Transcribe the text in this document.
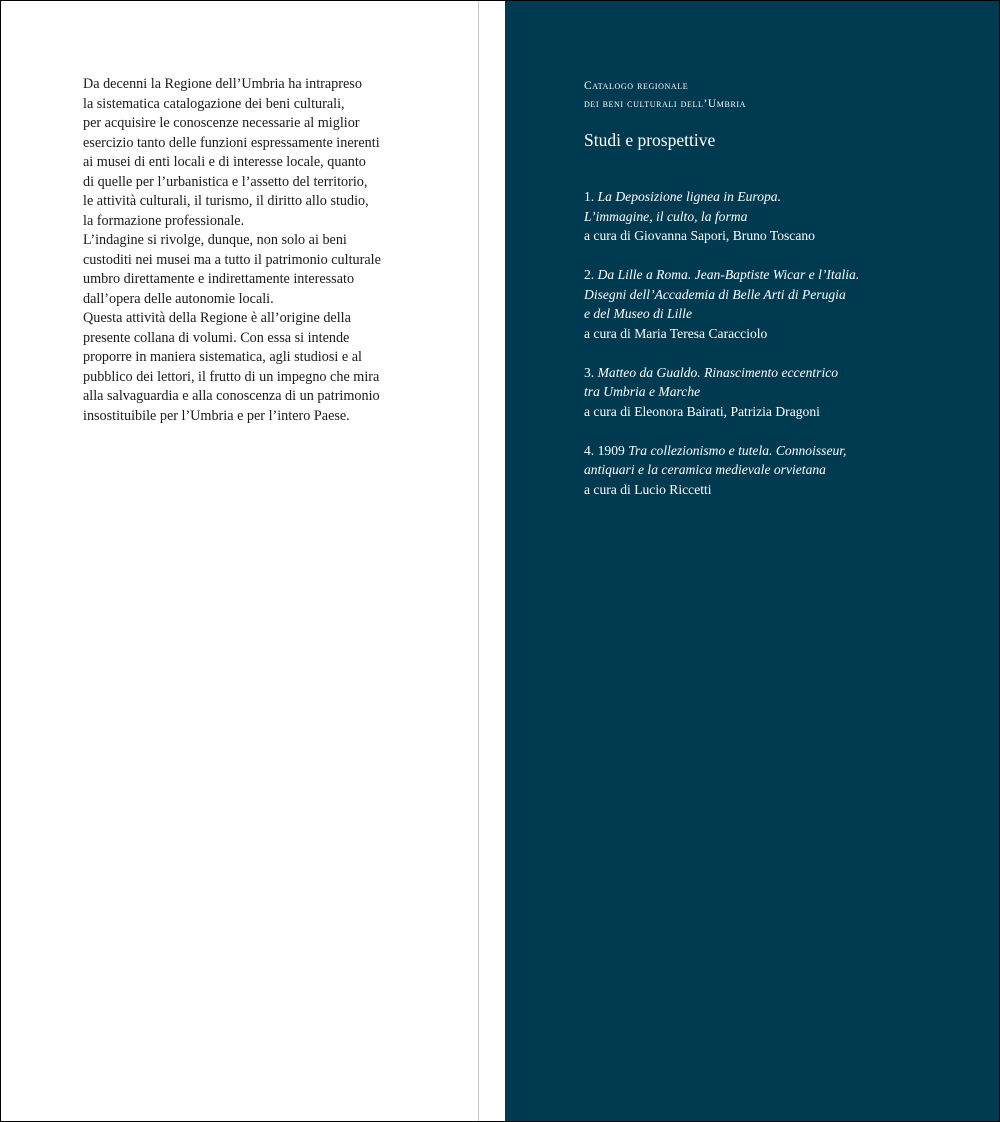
Da decenni la Regione dell’Umbria ha intrapreso

la sistematica catalogazione dei beni culturali,

per acquisire le conoscenze necessarie al miglior

esercizio tanto delle funzioni espressamente inerenti

ai musei di enti locali e di interesse locale, quanto

di quelle per l’urbanistica e l’assetto del territorio,

le attività culturali, il turismo, il diritto allo studio,

la formazione professionale.

L’indagine si rivolge, dunque, non solo ai beni

custoditi nei musei ma a tutto il patrimonio culturale

umbro direttamente e indirettamente interessato

dall’opera delle autonomie locali.

Questa attività della Regione è all’origine della

presente collana di volumi. Con essa si intende

proporre in maniera sistematica, agli studiosi e al

pubblico dei lettori, il frutto di un impegno che mira

alla salvaguardia e alla conoscenza di un patrimonio

insostituibile per l’Umbria e per l’intero Paese.

Catalogo regionale
dei beni culturali dell’Umbria
Studi e prospettive
1. La Deposizione lignea in Europa.
L’immagine, il culto, la forma
a cura di Giovanna Sapori, Bruno Toscano
2. Da Lille a Roma. Jean-Baptiste Wicar e l’Italia.
Disegni dell’Accademia di Belle Arti di Perugia
e del Museo di Lille
a cura di Maria Teresa Caracciolo
3. Matteo da Gualdo. Rinascimento eccentrico
tra Umbria e Marche
a cura di Eleonora Bairati, Patrizia Dragoni
4. 1909 Tra collezionismo e tutela. Connoisseur,
antiquari e la ceramica medievale orvietana
a cura di Lucio Riccetti
